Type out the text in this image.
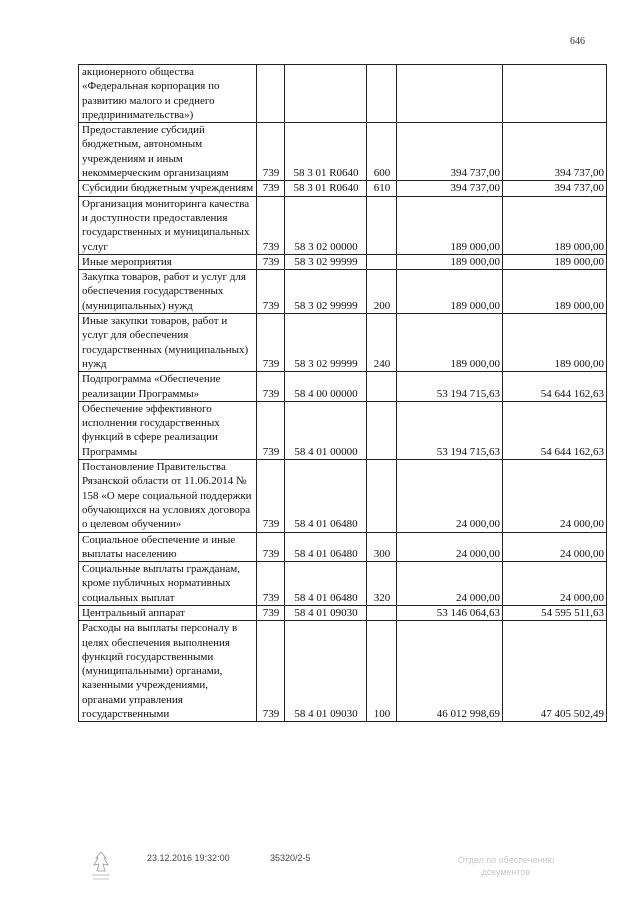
646
акционерного общества «Федеральная корпорация по развитию малого и среднего предпринимательства»)					
Предоставление субсидий бюджетным, автономным учреждениям и иным некоммерческим организациям	739	58 3 01 R0640	600	394 737,00	394 737,00
Субсидии бюджетным учреждениям	739	58 3 01 R0640	610	394 737,00	394 737,00
Организация мониторинга качества и доступности предоставления государственных и муниципальных услуг	739	58 3 02 00000		189 000,00	189 000,00
Иные мероприятия	739	58 3 02 99999		189 000,00	189 000,00
Закупка товаров, работ и услуг для обеспечения государственных (муниципальных) нужд	739	58 3 02 99999	200	189 000,00	189 000,00
Иные закупки товаров, работ и услуг для обеспечения государственных (муниципальных) нужд	739	58 3 02 99999	240	189 000,00	189 000,00
Подпрограмма «Обеспечение реализации Программы»	739	58 4 00 00000		53 194 715,63	54 644 162,63
Обеспечение эффективного исполнения государственных функций в сфере реализации Программы	739	58 4 01 00000		53 194 715,63	54 644 162,63
Постановление Правительства Рязанской области от 11.06.2014 № 158 «О мере социальной поддержки обучающихся на условиях договора о целевом обучении»	739	58 4 01 06480		24 000,00	24 000,00
Социальное обеспечение и иные выплаты населению	739	58 4 01 06480	300	24 000,00	24 000,00
Социальные выплаты гражданам, кроме публичных нормативных социальных выплат	739	58 4 01 06480	320	24 000,00	24 000,00
Центральный аппарат	739	58 4 01 09030		53 146 064,63	54 595 511,63
Расходы на выплаты персоналу в целях обеспечения выполнения функций государственными (муниципальными) органами, казенными учреждениями, органами управления государственными	739	58 4 01 09030	100	46 012 998,69	47 405 502,49
23.12.2016 19:32:00	35320/2-5	Отдел по обеспечению
документов
